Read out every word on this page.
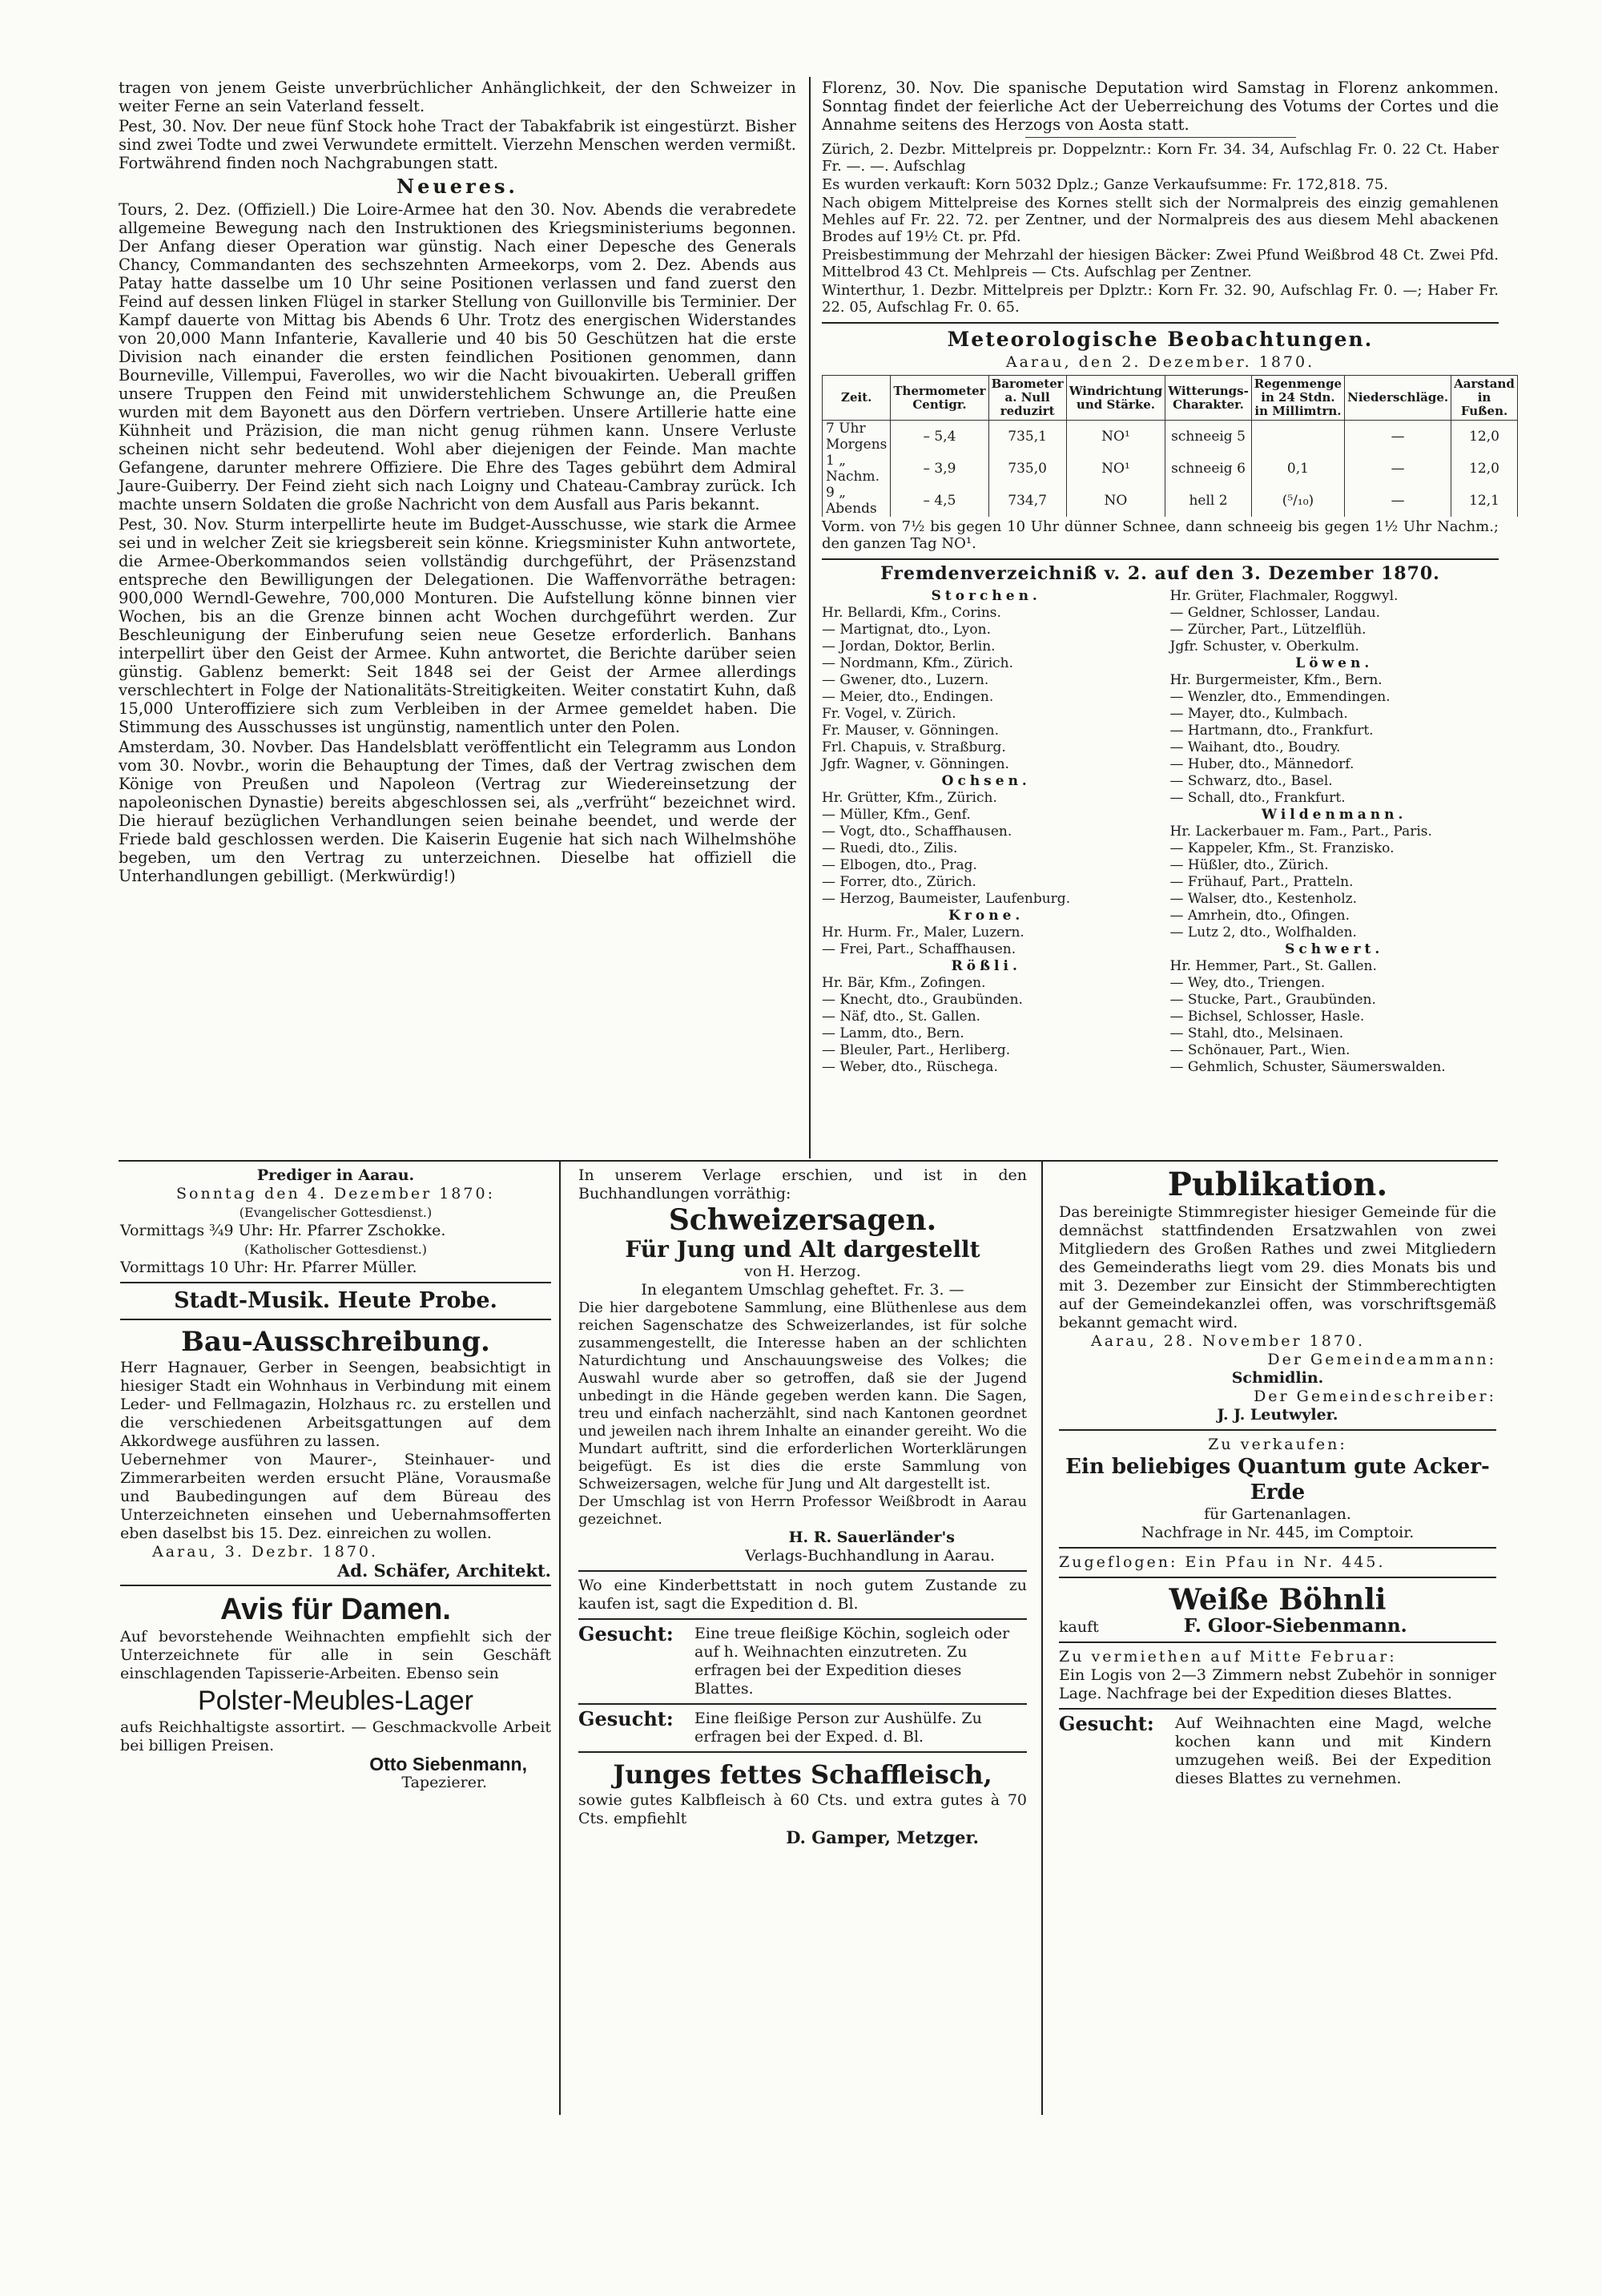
tragen von jenem Geiste unverbrüchlicher Anhänglichkeit, der den Schweizer in weiter Ferne an sein Vaterland fesselt.

Pest, 30. Nov. Der neue fünf Stock hohe Tract der Tabakfabrik ist eingestürzt. Bisher sind zwei Todte und zwei Verwundete ermittelt. Vierzehn Menschen werden vermißt. Fortwährend finden noch Nachgrabungen statt.

Neueres.

Tours, 2. Dez. (Offiziell.) Die Loire-Armee hat den 30. Nov. Abends die verabredete allgemeine Bewegung nach den Instruktionen des Kriegsministeriums begonnen. Der Anfang dieser Operation war günstig. Nach einer Depesche des Generals Chancy, Commandanten des sechszehnten Armeekorps, vom 2. Dez. Abends aus Patay hatte dasselbe um 10 Uhr seine Positionen verlassen und fand zuerst den Feind auf dessen linken Flügel in starker Stellung von Guillonville bis Terminier. Der Kampf dauerte von Mittag bis Abends 6 Uhr. Trotz des energischen Widerstandes von 20,000 Mann Infanterie, Kavallerie und 40 bis 50 Geschützen hat die erste Division nach einander die ersten feindlichen Positionen genommen, dann Bourneville, Villempui, Faverolles, wo wir die Nacht bivouakirten. Ueberall griffen unsere Truppen den Feind mit unwiderstehlichem Schwunge an, die Preußen wurden mit dem Bayonett aus den Dörfern vertrieben. Unsere Artillerie hatte eine Kühnheit und Präzision, die man nicht genug rühmen kann. Unsere Verluste scheinen nicht sehr bedeutend. Wohl aber diejenigen der Feinde. Man machte Gefangene, darunter mehrere Offiziere. Die Ehre des Tages gebührt dem Admiral Jaure-Guiberry. Der Feind zieht sich nach Loigny und Chateau-Cambray zurück. Ich machte unsern Soldaten die große Nachricht von dem Ausfall aus Paris bekannt.

Pest, 30. Nov. Sturm interpellirte heute im Budget-Ausschusse, wie stark die Armee sei und in welcher Zeit sie kriegsbereit sein könne. Kriegsminister Kuhn antwortete, die Armee-Oberkommandos seien vollständig durchgeführt, der Präsenzstand entspreche den Bewilligungen der Delegationen. Die Waffenvorräthe betragen: 900,000 Werndl-Gewehre, 700,000 Monturen. Die Aufstellung könne binnen vier Wochen, bis an die Grenze binnen acht Wochen durchgeführt werden. Zur Beschleunigung der Einberufung seien neue Gesetze erforderlich. Banhans interpellirt über den Geist der Armee. Kuhn antwortet, die Berichte darüber seien günstig. Gablenz bemerkt: Seit 1848 sei der Geist der Armee allerdings verschlechtert in Folge der Nationalitäts-Streitigkeiten. Weiter constatirt Kuhn, daß 15,000 Unteroffiziere sich zum Verbleiben in der Armee gemeldet haben. Die Stimmung des Ausschusses ist ungünstig, namentlich unter den Polen.

Amsterdam, 30. Novber. Das Handelsblatt veröffentlicht ein Telegramm aus London vom 30. Novbr., worin die Behauptung der Times, daß der Vertrag zwischen dem Könige von Preußen und Napoleon (Vertrag zur Wiedereinsetzung der napoleonischen Dynastie) bereits abgeschlossen sei, als „verfrüht“ bezeichnet wird. Die hierauf bezüglichen Verhandlungen seien beinahe beendet, und werde der Friede bald geschlossen werden. Die Kaiserin Eugenie hat sich nach Wilhelmshöhe begeben, um den Vertrag zu unterzeichnen. Dieselbe hat offiziell die Unterhandlungen gebilligt. (Merkwürdig!)

Florenz, 30. Nov. Die spanische Deputation wird Samstag in Florenz ankommen. Sonntag findet der feierliche Act der Ueberreichung des Votums der Cortes und die Annahme seitens des Herzogs von Aosta statt.

Zürich, 2. Dezbr. Mittelpreis pr. Doppelzntr.: Korn Fr. 34. 34, Aufschlag Fr. 0. 22 Ct. Haber Fr. —. —. Aufschlag

Es wurden verkauft: Korn 5032 Dplz.; Ganze Verkaufsumme: Fr. 172,818. 75.

Nach obigem Mittelpreise des Kornes stellt sich der Normalpreis des einzig gemahlenen Mehles auf Fr. 22. 72. per Zentner, und der Normalpreis des aus diesem Mehl abackenen Brodes auf 19½ Ct. pr. Pfd.

Preisbestimmung der Mehrzahl der hiesigen Bäcker: Zwei Pfund Weißbrod 48 Ct. Zwei Pfd. Mittelbrod 43 Ct. Mehlpreis — Cts. Aufschlag per Zentner.

Winterthur, 1. Dezbr. Mittelpreis per Dplztr.: Korn Fr. 32. 90, Aufschlag Fr. 0. —; Haber Fr. 22. 05, Aufschlag Fr. 0. 65.

Meteorologische Beobachtungen.
Aarau, den 2. Dezember. 1870.
Zeit.	Thermometer Centigr.	Barometer a. Null reduzirt	Windrichtung und Stärke.	Witterungs-Charakter.	Regenmenge in 24 Stdn. in Millimtrn.	Niederschläge.	Aarstand in Fußen.
7 Uhr Morgens	– 5,4	735,1	NO¹	schneeig 5		—	12,0
1 „ Nachm.	– 3,9	735,0	NO¹	schneeig 6	0,1	—	12,0
9 „ Abends	– 4,5	734,7	NO	hell 2	(⁵/₁₀)	—	12,1

Vorm. von 7½ bis gegen 10 Uhr dünner Schnee, dann schneeig bis gegen 1½ Uhr Nachm.; den ganzen Tag NO¹.

Fremdenverzeichniß v. 2. auf den 3. Dezember 1870.
Storchen.
Hr. Bellardi, Kfm., Corins.
— Martignat, dto., Lyon.
— Jordan, Doktor, Berlin.
— Nordmann, Kfm., Zürich.
— Gwener, dto., Luzern.
— Meier, dto., Endingen.
Fr. Vogel, v. Zürich.
Fr. Mauser, v. Gönningen.
Frl. Chapuis, v. Straßburg.
Jgfr. Wagner, v. Gönningen.
Ochsen.
Hr. Grütter, Kfm., Zürich.
— Müller, Kfm., Genf.
— Vogt, dto., Schaffhausen.
— Ruedi, dto., Zilis.
— Elbogen, dto., Prag.
— Forrer, dto., Zürich.
— Herzog, Baumeister, Laufenburg.
Krone.
Hr. Hurm. Fr., Maler, Luzern.
— Frei, Part., Schaffhausen.
Rößli.
Hr. Bär, Kfm., Zofingen.
— Knecht, dto., Graubünden.
— Näf, dto., St. Gallen.
— Lamm, dto., Bern.
— Bleuler, Part., Herliberg.
— Weber, dto., Rüschega.
Hr. Grüter, Flachmaler, Roggwyl.
— Geldner, Schlosser, Landau.
— Zürcher, Part., Lützelflüh.
Jgfr. Schuster, v. Oberkulm.
Löwen.
Hr. Burgermeister, Kfm., Bern.
— Wenzler, dto., Emmendingen.
— Mayer, dto., Kulmbach.
— Hartmann, dto., Frankfurt.
— Waihant, dto., Boudry.
— Huber, dto., Männedorf.
— Schwarz, dto., Basel.
— Schall, dto., Frankfurt.
Wildenmann.
Hr. Lackerbauer m. Fam., Part., Paris.
— Kappeler, Kfm., St. Franzisko.
— Hüßler, dto., Zürich.
— Frühauf, Part., Pratteln.
— Walser, dto., Kestenholz.
— Amrhein, dto., Ofingen.
— Lutz 2, dto., Wolfhalden.
Schwert.
Hr. Hemmer, Part., St. Gallen.
— Wey, dto., Triengen.
— Stucke, Part., Graubünden.
— Bichsel, Schlosser, Hasle.
— Stahl, dto., Melsinaen.
— Schönauer, Part., Wien.
— Gehmlich, Schuster, Säumerswalden.
Prediger in Aarau.
Sonntag den 4. Dezember 1870:
(Evangelischer Gottesdienst.)
Vormittags ¾9 Uhr: Hr. Pfarrer Zschokke.
(Katholischer Gottesdienst.)
Vormittags 10 Uhr: Hr. Pfarrer Müller.
Stadt-Musik. Heute Probe.
Bau-Ausschreibung.

Herr Hagnauer, Gerber in Seengen, beabsichtigt in hiesiger Stadt ein Wohnhaus in Verbindung mit einem Leder- und Fellmagazin, Holzhaus rc. zu erstellen und die verschiedenen Arbeitsgattungen auf dem Akkordwege ausführen zu lassen.

Uebernehmer von Maurer-, Steinhauer- und Zimmerarbeiten werden ersucht Pläne, Vorausmaße und Baubedingungen auf dem Büreau des Unterzeichneten einsehen und Uebernahmsofferten eben daselbst bis 15. Dez. einreichen zu wollen.

Aarau, 3. Dezbr. 1870.
Ad. Schäfer, Architekt.
Avis für Damen.

Auf bevorstehende Weihnachten empfiehlt sich der Unterzeichnete für alle in sein Geschäft einschlagenden Tapisserie-Arbeiten. Ebenso sein

Polster-Meubles-Lager

aufs Reichhaltigste assortirt. — Geschmackvolle Arbeit bei billigen Preisen.

Otto Siebenmann,
Tapezierer.

In unserem Verlage erschien, und ist in den Buchhandlungen vorräthig:

Schweizersagen.
Für Jung und Alt dargestellt
von H. Herzog.
In elegantem Umschlag geheftet. Fr. 3. —

Die hier dargebotene Sammlung, eine Blüthenlese aus dem reichen Sagenschatze des Schweizerlandes, ist für solche zusammengestellt, die Interesse haben an der schlichten Naturdichtung und Anschauungsweise des Volkes; die Auswahl wurde aber so getroffen, daß sie der Jugend unbedingt in die Hände gegeben werden kann. Die Sagen, treu und einfach nacherzählt, sind nach Kantonen geordnet und jeweilen nach ihrem Inhalte an einander gereiht. Wo die Mundart auftritt, sind die erforderlichen Worterklärungen beigefügt. Es ist dies die erste Sammlung von Schweizersagen, welche für Jung und Alt dargestellt ist.

Der Umschlag ist von Herrn Professor Weißbrodt in Aarau gezeichnet.

H. R. Sauerländer's
Verlags-Buchhandlung in Aarau.

Wo eine Kinderbettstatt in noch gutem Zustande zu kaufen ist, sagt die Expedition d. Bl.

Gesucht: Eine treue fleißige Köchin, sogleich oder auf h. Weihnachten einzutreten. Zu erfragen bei der Expedition dieses Blattes.
Gesucht: Eine fleißige Person zur Aushülfe. Zu erfragen bei der Exped. d. Bl.
Junges fettes Schaffleisch,

sowie gutes Kalbfleisch à 60 Cts. und extra gutes à 70 Cts. empfiehlt

D. Gamper, Metzger.
Publikation.

Das bereinigte Stimmregister hiesiger Gemeinde für die demnächst stattfindenden Ersatzwahlen von zwei Mitgliedern des Großen Rathes und zwei Mitgliedern des Gemeinderaths liegt vom 29. dies Monats bis und mit 3. Dezember zur Einsicht der Stimmberechtigten auf der Gemeindekanzlei offen, was vorschriftsgemäß bekannt gemacht wird.

Aarau, 28. November 1870.
Der Gemeindeammann:
Schmidlin.
Der Gemeindeschreiber:
J. J. Leutwyler.
Zu verkaufen:
Ein beliebiges Quantum gute Acker-Erde
für Gartenanlagen.
Nachfrage in Nr. 445, im Comptoir.
Zugeflogen: Ein Pfau in Nr. 445.
Weiße Böhnli
kauft	F. Gloor-Siebenmann.
Zu vermiethen auf Mitte Februar:

Ein Logis von 2—3 Zimmern nebst Zubehör in sonniger Lage. Nachfrage bei der Expedition dieses Blattes.

Gesucht: Auf Weihnachten eine Magd, welche kochen kann und mit Kindern umzugehen weiß. Bei der Expedition dieses Blattes zu vernehmen.
